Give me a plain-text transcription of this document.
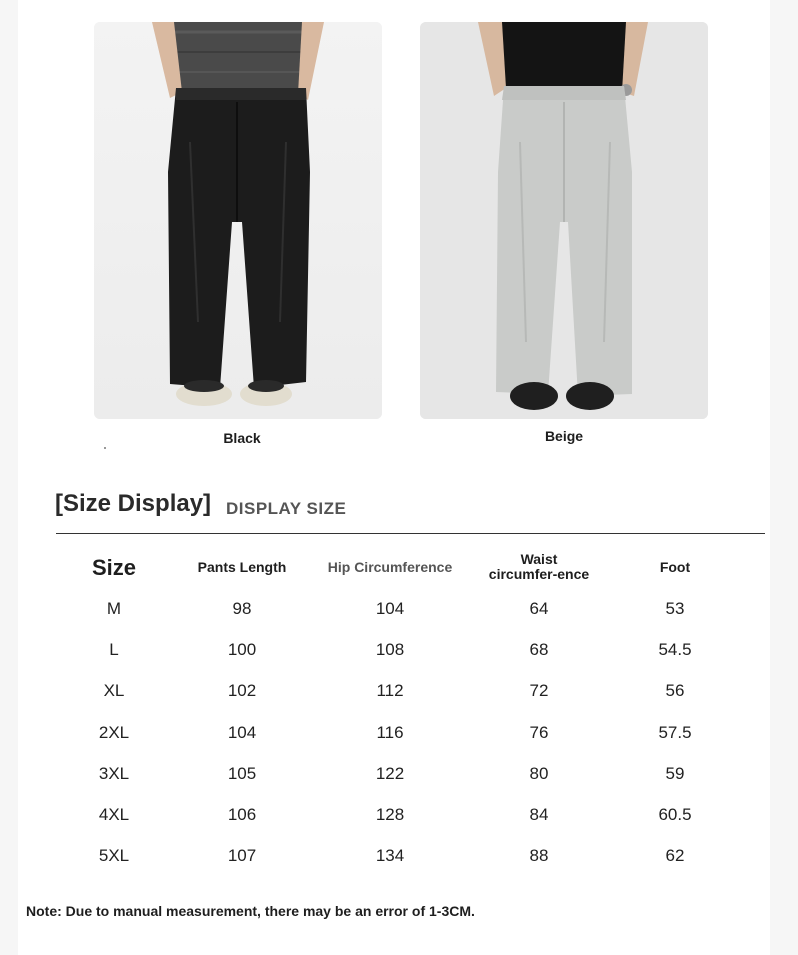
Black	Beige
[Size Display] DISPLAY SIZE
Size	Pants Length	Hip Circumference	Waist circumfer-ence	Foot
M	98	104	64	53
L	100	108	68	54.5
XL	102	112	72	56
2XL	104	116	76	57.5
3XL	105	122	80	59
4XL	106	128	84	60.5
5XL	107	134	88	62
Note: Due to manual measurement, there may be an error of 1-3CM.
